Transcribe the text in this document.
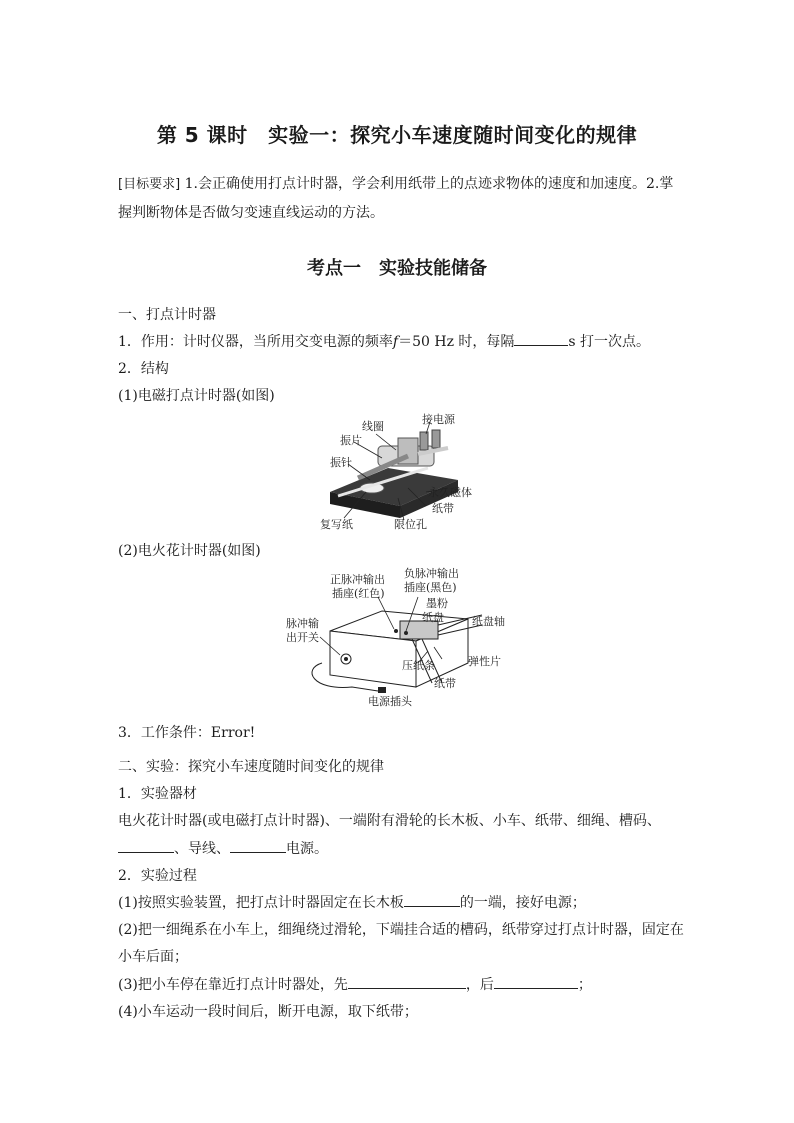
第 5 课时　实验一：探究小车速度随时间变化的规律
[目标要求] 1.会正确使用打点计时器，学会利用纸带上的点迹求物体的速度和加速度。2.掌
握判断物体是否做匀变速直线运动的方法。
考点一　实验技能储备
一、打点计时器
1．作用：计时仪器，当所用交变电源的频率f＝50 Hz 时，每隔	s 打一次点。
2．结构
(1)电磁打点计时器(如图)
线圈
接电源
振片
振针
永久磁体
纸带
复写纸	限位孔
(2)电火花计时器(如图)
正脉冲输出
插座(红色)
负脉冲输出
插座(黑色)
墨粉
纸盘	纸盘轴
脉冲输
出开关
压纸条	弹性片
纸带
电源插头
3．工作条件：Error!
二、实验：探究小车速度随时间变化的规律
1．实验器材
电火花计时器(或电磁打点计时器)、一端附有滑轮的长木板、小车、纸带、细绳、槽码、
、导线、	电源。
2．实验过程
(1)按照实验装置，把打点计时器固定在长木板	的一端，接好电源；
(2)把一细绳系在小车上，细绳绕过滑轮，下端挂合适的槽码，纸带穿过打点计时器，固定在
小车后面；
(3)把小车停在靠近打点计时器处，先	，后	；
(4)小车运动一段时间后，断开电源，取下纸带；
